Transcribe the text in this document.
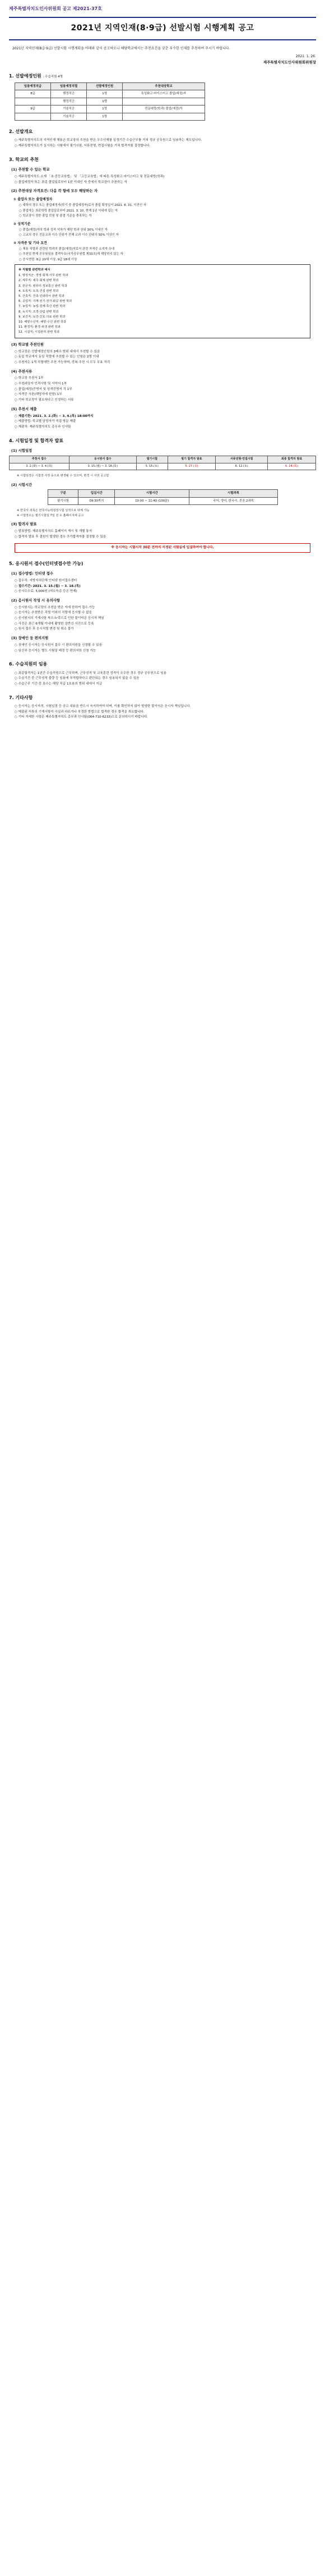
제주특별자치도인사위원회 공고 제2021-37호
2021년 지역인재(8·9급) 선발시험 시행계획 공고

2021년 지역인재(8급·9급) 선발시험 시행계획을 아래와 같이 공고하오니 해당학교에서는 추천요건을 갖춘 우수한 인재를 추천하여 주시기 바랍니다.

2021. 1. 26.

제주특별자치도인사위원회위원장

1. 선발예정인원 : 수습직원 4명
임용예정직급	임용예정직렬	선발예정인원	추천대상학교
8급	행정직군	1명	특성화고·마이스터고 졸업(예정)자
	행정직군	1명	
9급	기술직군	1명	전문대학(학과) 졸업(예정)자
	기술직군	1명	
2. 선발개요

○ 제주특별자치도의 지역인재 채용은 학교장의 추천을 받은 우수인재를 일정기간 수습근무를 거쳐 정규 공무원으로 임용하는 제도입니다.

○ 제주특별자치도가 실시하는 시험에서 필기시험, 서류전형, 면접시험을 거쳐 합격자를 결정합니다.

3. 학교의 추천
(1) 추천할 수 있는 학교

○ 제주특별자치도 소재 「초·중등교육법」 및 「고등교육법」에 따른 특성화고·마이스터고 및 전문대학(학과)

○ 졸업예정자 또는 최종 졸업일로부터 1년 이내인 자 중에서 학교장이 추천하는 자

(2) 추천대상 자격요건: 다음 각 항에 모두 해당하는 자
① 졸업자 또는 졸업예정자

○ 대학의 경우 또는 졸업예정자(학기 중 졸업예정자)로서 졸업 확정일이 2021. 8. 31. 이전인 자

○ 졸업자는 최종학력 졸업일로부터 2021. 3. 10. 현재 1년 이내에 있는 자

○ 학교장이 정한 졸업 학점 및 출결 기준을 충족하는 자

② 성적기준

○ 졸업(예정)자의 학과 성적 석차가 해당 학과 상위 30% 이내인 자

○ 고교의 경우 전문교과 이수 단위가 전체 교과 이수 단위의 50% 이상인 자

③ 자격증 및 기타 요건

○ 채용 직렬과 관련된 학과의 졸업(예정)자로서 관련 자격증 소지자 우대

○ 추천일 현재 공무원임용 결격사유(국가공무원법 제33조)에 해당하지 않는 자

○ 응시연령: 8급 20세 이상, 9급 18세 이상

※ 직렬별 관련학과 예시

1. 행정직군: 경영·회계·사무 관련 학과

2. 세무직: 세무·회계 관련 학과

3. 전산직: 컴퓨터·정보통신 관련 학과

4. 토목직: 토목·건설 관련 학과

5. 건축직: 건축·인테리어 관련 학과

6. 공업직: 기계·전기·전자·화공 관련 학과

7. 농업직: 농업·원예·축산 관련 학과

8. 녹지직: 조경·산림 관련 학과

9. 보건직: 보건·간호·의료 관련 학과

10. 해양수산직: 해양·수산 관련 학과

11. 환경직: 환경·위생 관련 학과

12. 시설직: 시설관리 관련 학과

(3) 학교별 추천인원

○ 학교장은 선발예정인원의 3배수 범위 내에서 추천할 수 있음

○ 동일 학교에서 동일 직렬에 추천할 수 있는 인원은 2명 이내

○ 추천자는 1개 직렬에만 추천 가능하며, 중복 추천 시 모두 무효 처리

(4) 추천서류

○ 학교장 추천서 1부

○ 추천대상자 인적사항 및 서약서 1부

○ 졸업(예정)증명서 및 성적증명서 각 1부

○ 자격증 사본(해당자에 한함) 1부

○ 기타 학교장이 필요하다고 인정하는 서류

(5) 추천서 제출

○ 제출기한: 2021. 3. 2.(화) ~ 3. 4.(목) 18:00까지

○ 제출방법: 학교별 담당자가 직접 방문 제출

○ 제출처: 제주특별자치도 총무과 인사팀

4. 시험일정 및 합격자 발표
(1) 시험일정
추천서 접수	응시원서 접수	필기시험	필기 합격자 발표	서류전형·면접시험	최종 합격자 발표
3. 2.(화) ~ 3. 4.(목)	3. 15.(월) ~ 3. 18.(목)	5. 15.(토)	5. 27.(목)	6. 12.(토)	6. 24.(목)

※ 시험일정은 시험장 사정 등으로 변경될 수 있으며, 변경 시 사전 공고함

(2) 시험시간
구분	입실시간	시험시간	시험과목
필기시험	09:30까지	10:00 ~ 11:40 (100분)	국어, 영어, 한국사, 전공 2과목

※ 한국사 과목은 한국사능력검정시험 성적으로 대체 가능

※ 시험장소는 필기시험일 7일 전 도 홈페이지에 공고

(3) 합격자 발표

○ 발표방법: 제주특별자치도 홈페이지 게시 및 개별 통지

○ 합격자 발표 후 결원이 발생한 경우 추가합격자를 결정할 수 있음

※ 응시자는 시험시작 30분 전까지 지정된 시험실에 입실하여야 합니다.
5. 응시원서 접수(인터넷접수만 가능)
(1) 접수방법: 인터넷 접수

○ 접수처: 지방자치단체 인터넷 원서접수센터

○ 접수기간: 2021. 3. 15.(월) ~ 3. 18.(목)

○ 응시수수료: 5,000원 (저소득층 등은 면제)

(2) 응시원서 작성 시 유의사항

○ 응시원서는 학교장의 추천을 받은 자에 한하여 접수 가능

○ 응시자는 추천받은 직렬 이외의 직렬에 응시할 수 없음

○ 응시원서의 기재사항 착오·누락으로 인한 불이익은 응시자 책임

○ 사진은 최근 6개월 이내에 촬영한 상반신 사진으로 등록

○ 원서 접수 후 응시직렬 변경 및 취소 불가

(3) 장애인 등 편의지원

○ 장애인 응시자는 응시원서 접수 시 편의지원을 신청할 수 있음

○ 임신부 응시자는 별도 시험실 배정 등 편의지원 신청 가능

6. 수습직원의 임용

○ 최종합격자는 1년간 수습직원으로 근무하며, 근무성적 및 교육훈련 성적이 우수한 경우 정규 공무원으로 임용

○ 수습기간 중 근무성적 불량 등 임용에 부적합하다고 판단되는 경우 임용되지 않을 수 있음

○ 수습근무 기간 중 보수는 해당 직급 1호봉의 범위 내에서 지급

7. 기타사항

○ 응시자는 응시자격, 시험일정 등 공고 내용을 반드시 숙지하여야 하며, 이를 확인하지 않아 발생한 불이익은 응시자 책임입니다.

○ 제출된 서류의 기재사항이 사실과 다르거나 부정한 방법으로 합격한 경우 합격을 취소합니다.

○ 기타 자세한 사항은 제주특별자치도 총무과 인사팀(064-710-6233)으로 문의하시기 바랍니다.
